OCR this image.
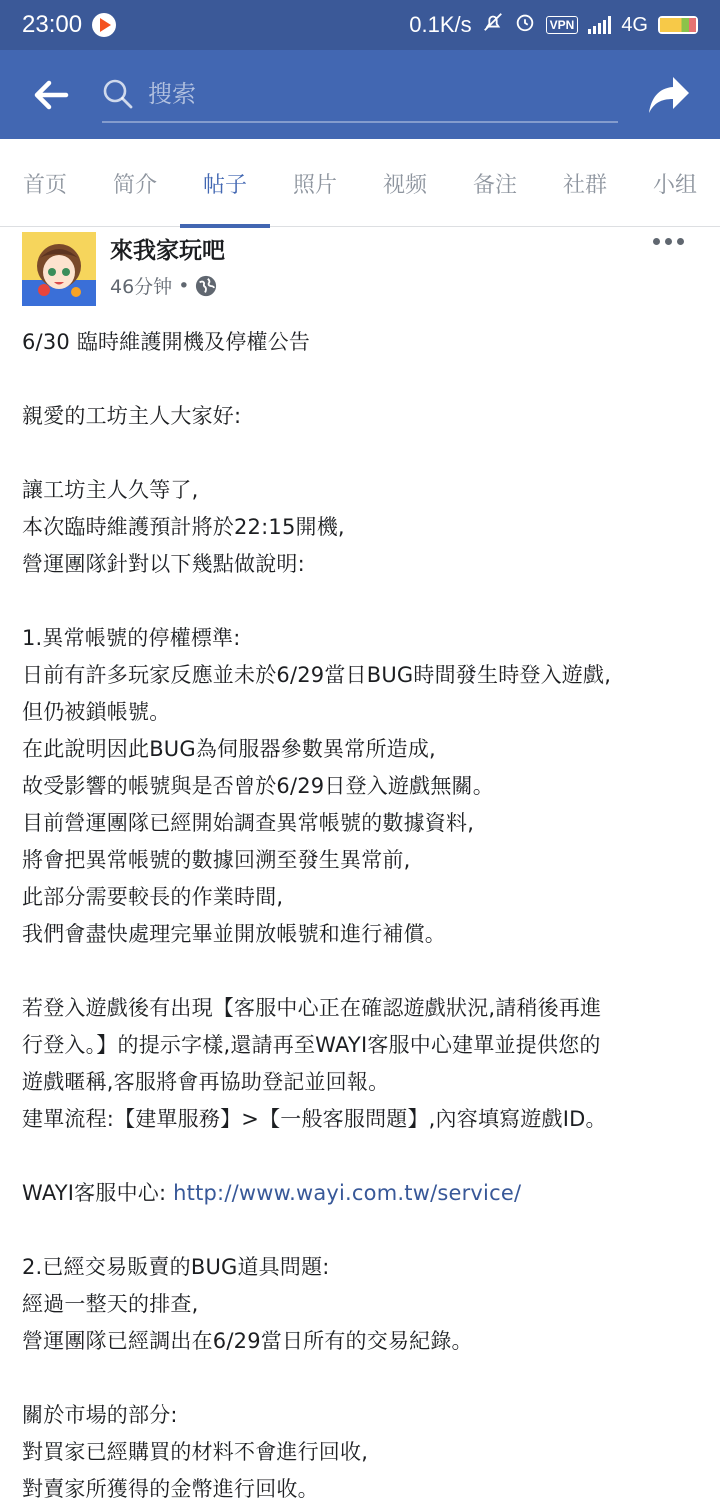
23:00	0.1K/s	VPN 4G
搜索
首页	简介	帖子	照片	视频	备注	社群	小组
來我家玩吧
46分钟 •
6/30 臨時維護開機及停權公告
親愛的工坊主人大家好:
讓工坊主人久等了,
本次臨時維護預計將於22:15開機,
營運團隊針對以下幾點做說明:
1.異常帳號的停權標準:
日前有許多玩家反應並未於6/29當日BUG時間發生時登入遊戲,
但仍被鎖帳號。
在此說明因此BUG為伺服器參數異常所造成,
故受影響的帳號與是否曾於6/29日登入遊戲無關。
目前營運團隊已經開始調查異常帳號的數據資料,
將會把異常帳號的數據回溯至發生異常前,
此部分需要較長的作業時間,
我們會盡快處理完畢並開放帳號和進行補償。
若登入遊戲後有出現【客服中心正在確認遊戲狀況,請稍後再進
行登入。】的提示字樣,還請再至WAYI客服中心建單並提供您的
遊戲暱稱,客服將會再協助登記並回報。
建單流程:【建單服務】>【一般客服問題】,內容填寫遊戲ID。
WAYI客服中心: http://www.wayi.com.tw/service/
2.已經交易販賣的BUG道具問題:
經過一整天的排查,
營運團隊已經調出在6/29當日所有的交易紀錄。
關於市場的部分:
對買家已經購買的材料不會進行回收,
對賣家所獲得的金幣進行回收。
